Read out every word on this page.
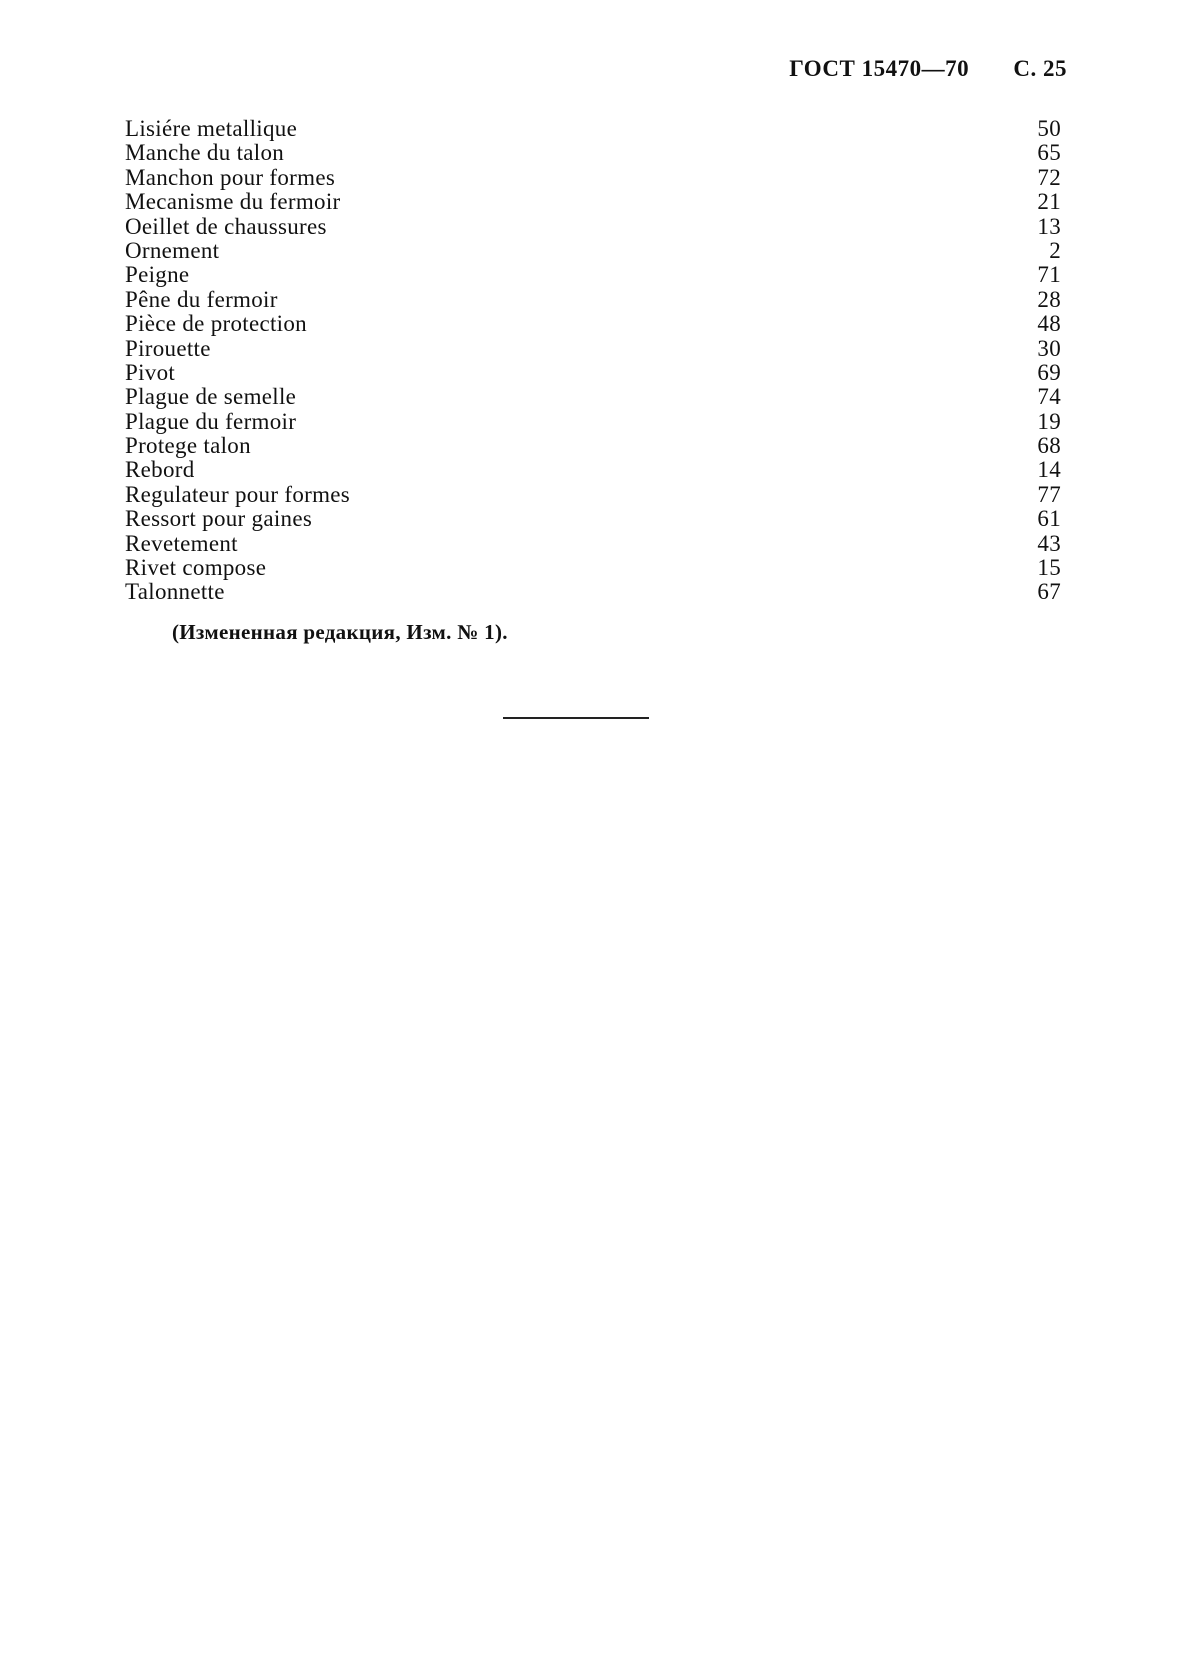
ГОСТ 15470—70 С. 25
Lisiére metallique	50
Manche du talon	65
Manchon pour formes	72
Mecanisme du fermoir	21
Oeillet de chaussures	13
Ornement	2
Peigne	71
Pêne du fermoir	28
Pièce de protection	48
Pirouette	30
Pivot	69
Plague de semelle	74
Plague du fermoir	19
Protege talon	68
Rebord	14
Regulateur pour formes	77
Ressort pour gaines	61
Revetement	43
Rivet compose	15
Talonnette	67
(Измененная редакция, Изм. № 1).
